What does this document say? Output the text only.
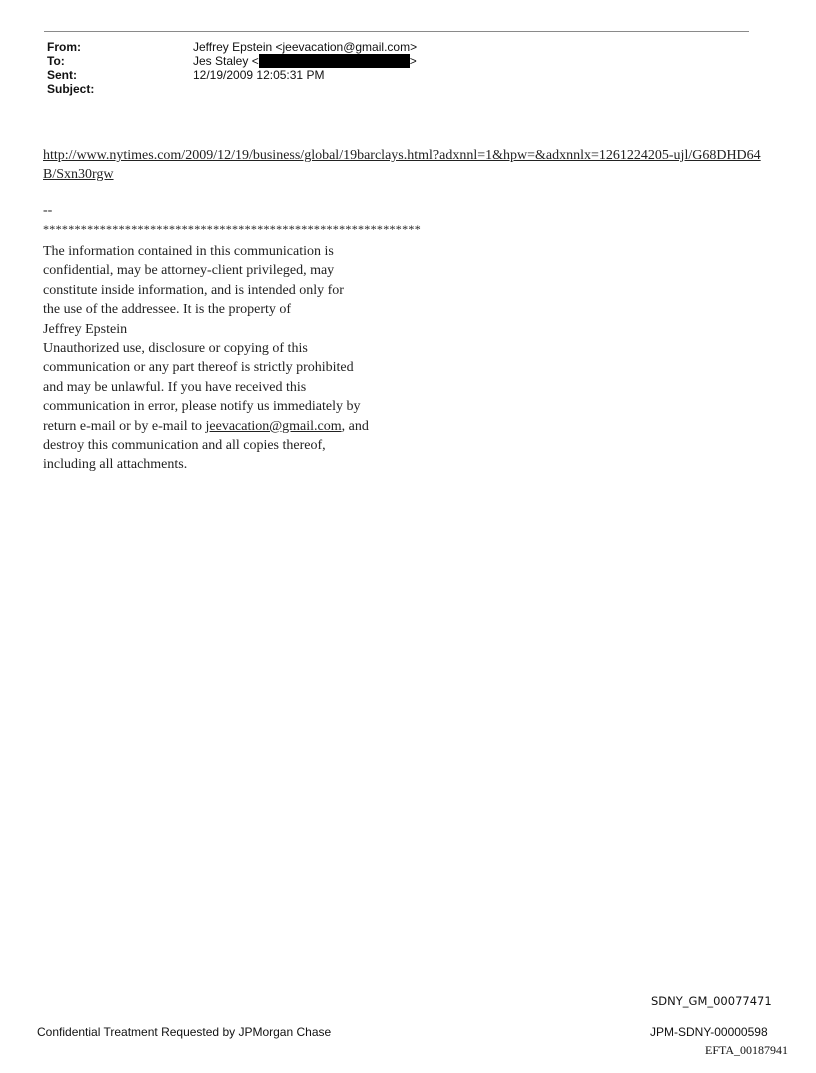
From:	Jeffrey Epstein <jeevacation@gmail.com>
To:	Jes Staley <	>
Sent:	12/19/2009 12:05:31 PM
Subject:
http://www.nytimes.com/2009/12/19/business/global/19barclays.html?adxnnl=1&hpw=&adxnnlx=1261224205-ujl/G68DHD64B/Sxn30rgw
--
************************************************************
The information contained in this communication is
confidential, may be attorney-client privileged, may
constitute inside information, and is intended only for
the use of the addressee. It is the property of
Jeffrey Epstein
Unauthorized use, disclosure or copying of this
communication or any part thereof is strictly prohibited
and may be unlawful. If you have received this
communication in error, please notify us immediately by
return e-mail or by e-mail to jeevacation@gmail.com, and
destroy this communication and all copies thereof,
including all attachments.
SDNY_GM_00077471
Confidential Treatment Requested by JPMorgan Chase	JPM-SDNY-00000598
EFTA_00187941
